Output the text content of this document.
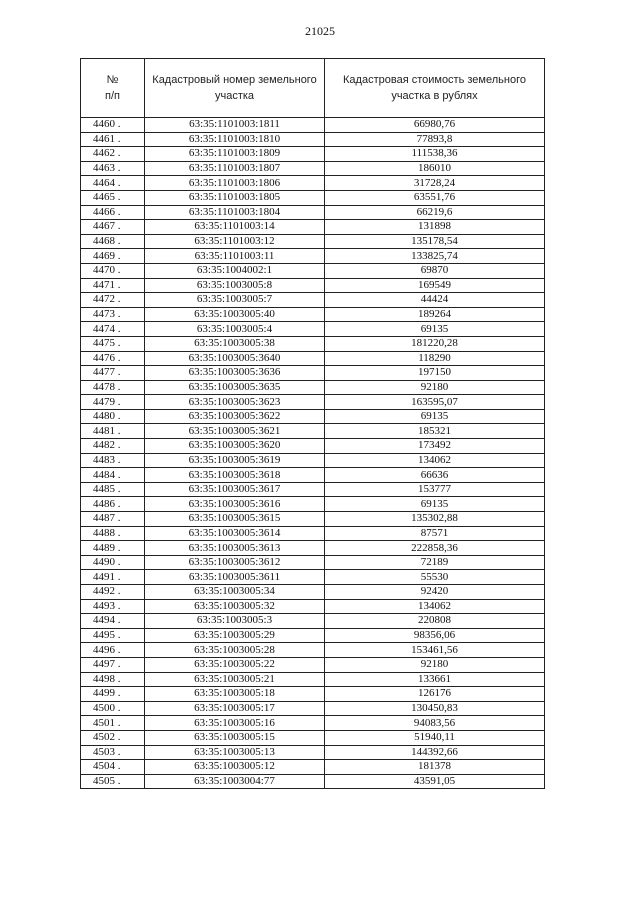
21025
№
п/п	Кадастровый номер земельного участка	Кадастровая стоимость земельного участка в рублях
4460 .	63:35:1101003:1811	66980,76
4461 .	63:35:1101003:1810	77893,8
4462 .	63:35:1101003:1809	111538,36
4463 .	63:35:1101003:1807	186010
4464 .	63:35:1101003:1806	31728,24
4465 .	63:35:1101003:1805	63551,76
4466 .	63:35:1101003:1804	66219,6
4467 .	63:35:1101003:14	131898
4468 .	63:35:1101003:12	135178,54
4469 .	63:35:1101003:11	133825,74
4470 .	63:35:1004002:1	69870
4471 .	63:35:1003005:8	169549
4472 .	63:35:1003005:7	44424
4473 .	63:35:1003005:40	189264
4474 .	63:35:1003005:4	69135
4475 .	63:35:1003005:38	181220,28
4476 .	63:35:1003005:3640	118290
4477 .	63:35:1003005:3636	197150
4478 .	63:35:1003005:3635	92180
4479 .	63:35:1003005:3623	163595,07
4480 .	63:35:1003005:3622	69135
4481 .	63:35:1003005:3621	185321
4482 .	63:35:1003005:3620	173492
4483 .	63:35:1003005:3619	134062
4484 .	63:35:1003005:3618	66636
4485 .	63:35:1003005:3617	153777
4486 .	63:35:1003005:3616	69135
4487 .	63:35:1003005:3615	135302,88
4488 .	63:35:1003005:3614	87571
4489 .	63:35:1003005:3613	222858,36
4490 .	63:35:1003005:3612	72189
4491 .	63:35:1003005:3611	55530
4492 .	63:35:1003005:34	92420
4493 .	63:35:1003005:32	134062
4494 .	63:35:1003005:3	220808
4495 .	63:35:1003005:29	98356,06
4496 .	63:35:1003005:28	153461,56
4497 .	63:35:1003005:22	92180
4498 .	63:35:1003005:21	133661
4499 .	63:35:1003005:18	126176
4500 .	63:35:1003005:17	130450,83
4501 .	63:35:1003005:16	94083,56
4502 .	63:35:1003005:15	51940,11
4503 .	63:35:1003005:13	144392,66
4504 .	63:35:1003005:12	181378
4505 .	63:35:1003004:77	43591,05
